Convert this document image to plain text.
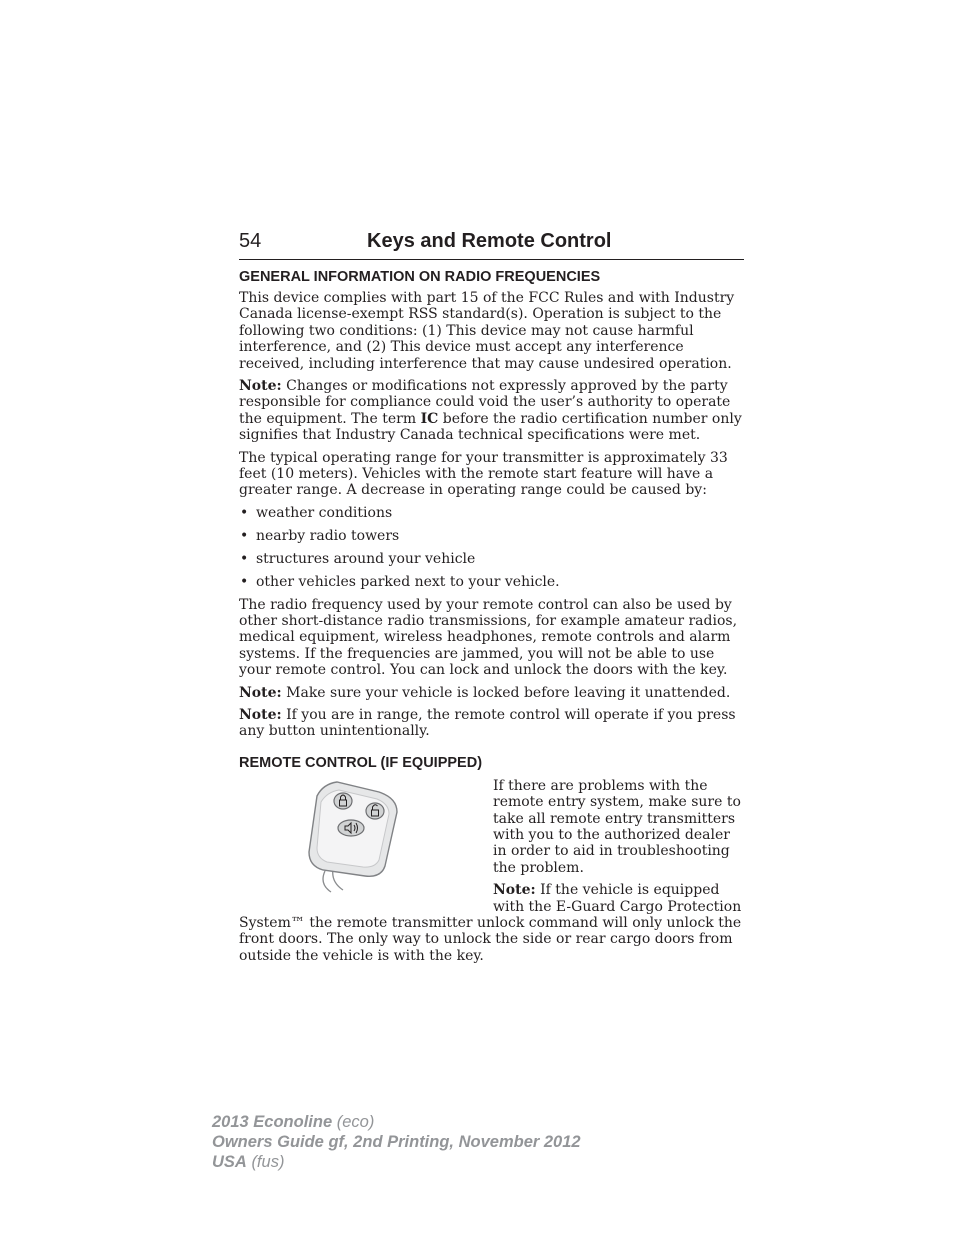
54	Keys and Remote Control
GENERAL INFORMATION ON RADIO FREQUENCIES

This device complies with part 15 of the FCC Rules and with Industry Canada license-exempt RSS standard(s). Operation is subject to the following two conditions: (1) This device may not cause harmful interference, and (2) This device must accept any interference received, including interference that may cause undesired operation.

Note: Changes or modifications not expressly approved by the party responsible for compliance could void the user’s authority to operate the equipment. The term IC before the radio certification number only signifies that Industry Canada technical specifications were met.

The typical operating range for your transmitter is approximately 33 feet (10 meters). Vehicles with the remote start feature will have a greater range. A decrease in operating range could be caused by:

• weather conditions
• nearby radio towers
• structures around your vehicle
• other vehicles parked next to your vehicle.

The radio frequency used by your remote control can also be used by other short-distance radio transmissions, for example amateur radios, medical equipment, wireless headphones, remote controls and alarm systems. If the frequencies are jammed, you will not be able to use your remote control. You can lock and unlock the doors with the key.

Note: Make sure your vehicle is locked before leaving it unattended.

Note: If you are in range, the remote control will operate if you press any button unintentionally.

REMOTE CONTROL (IF EQUIPPED)

If there are problems with the remote entry system, make sure to take all remote entry transmitters with you to the authorized dealer in order to aid in troubleshooting the problem.

Note: If the vehicle is equipped with the E-Guard Cargo Protection System™ the remote transmitter unlock command will only unlock the front doors. The only way to unlock the side or rear cargo doors from outside the vehicle is with the key.

2013 Econoline (eco)
Owners Guide gf, 2nd Printing, November 2012
USA (fus)
